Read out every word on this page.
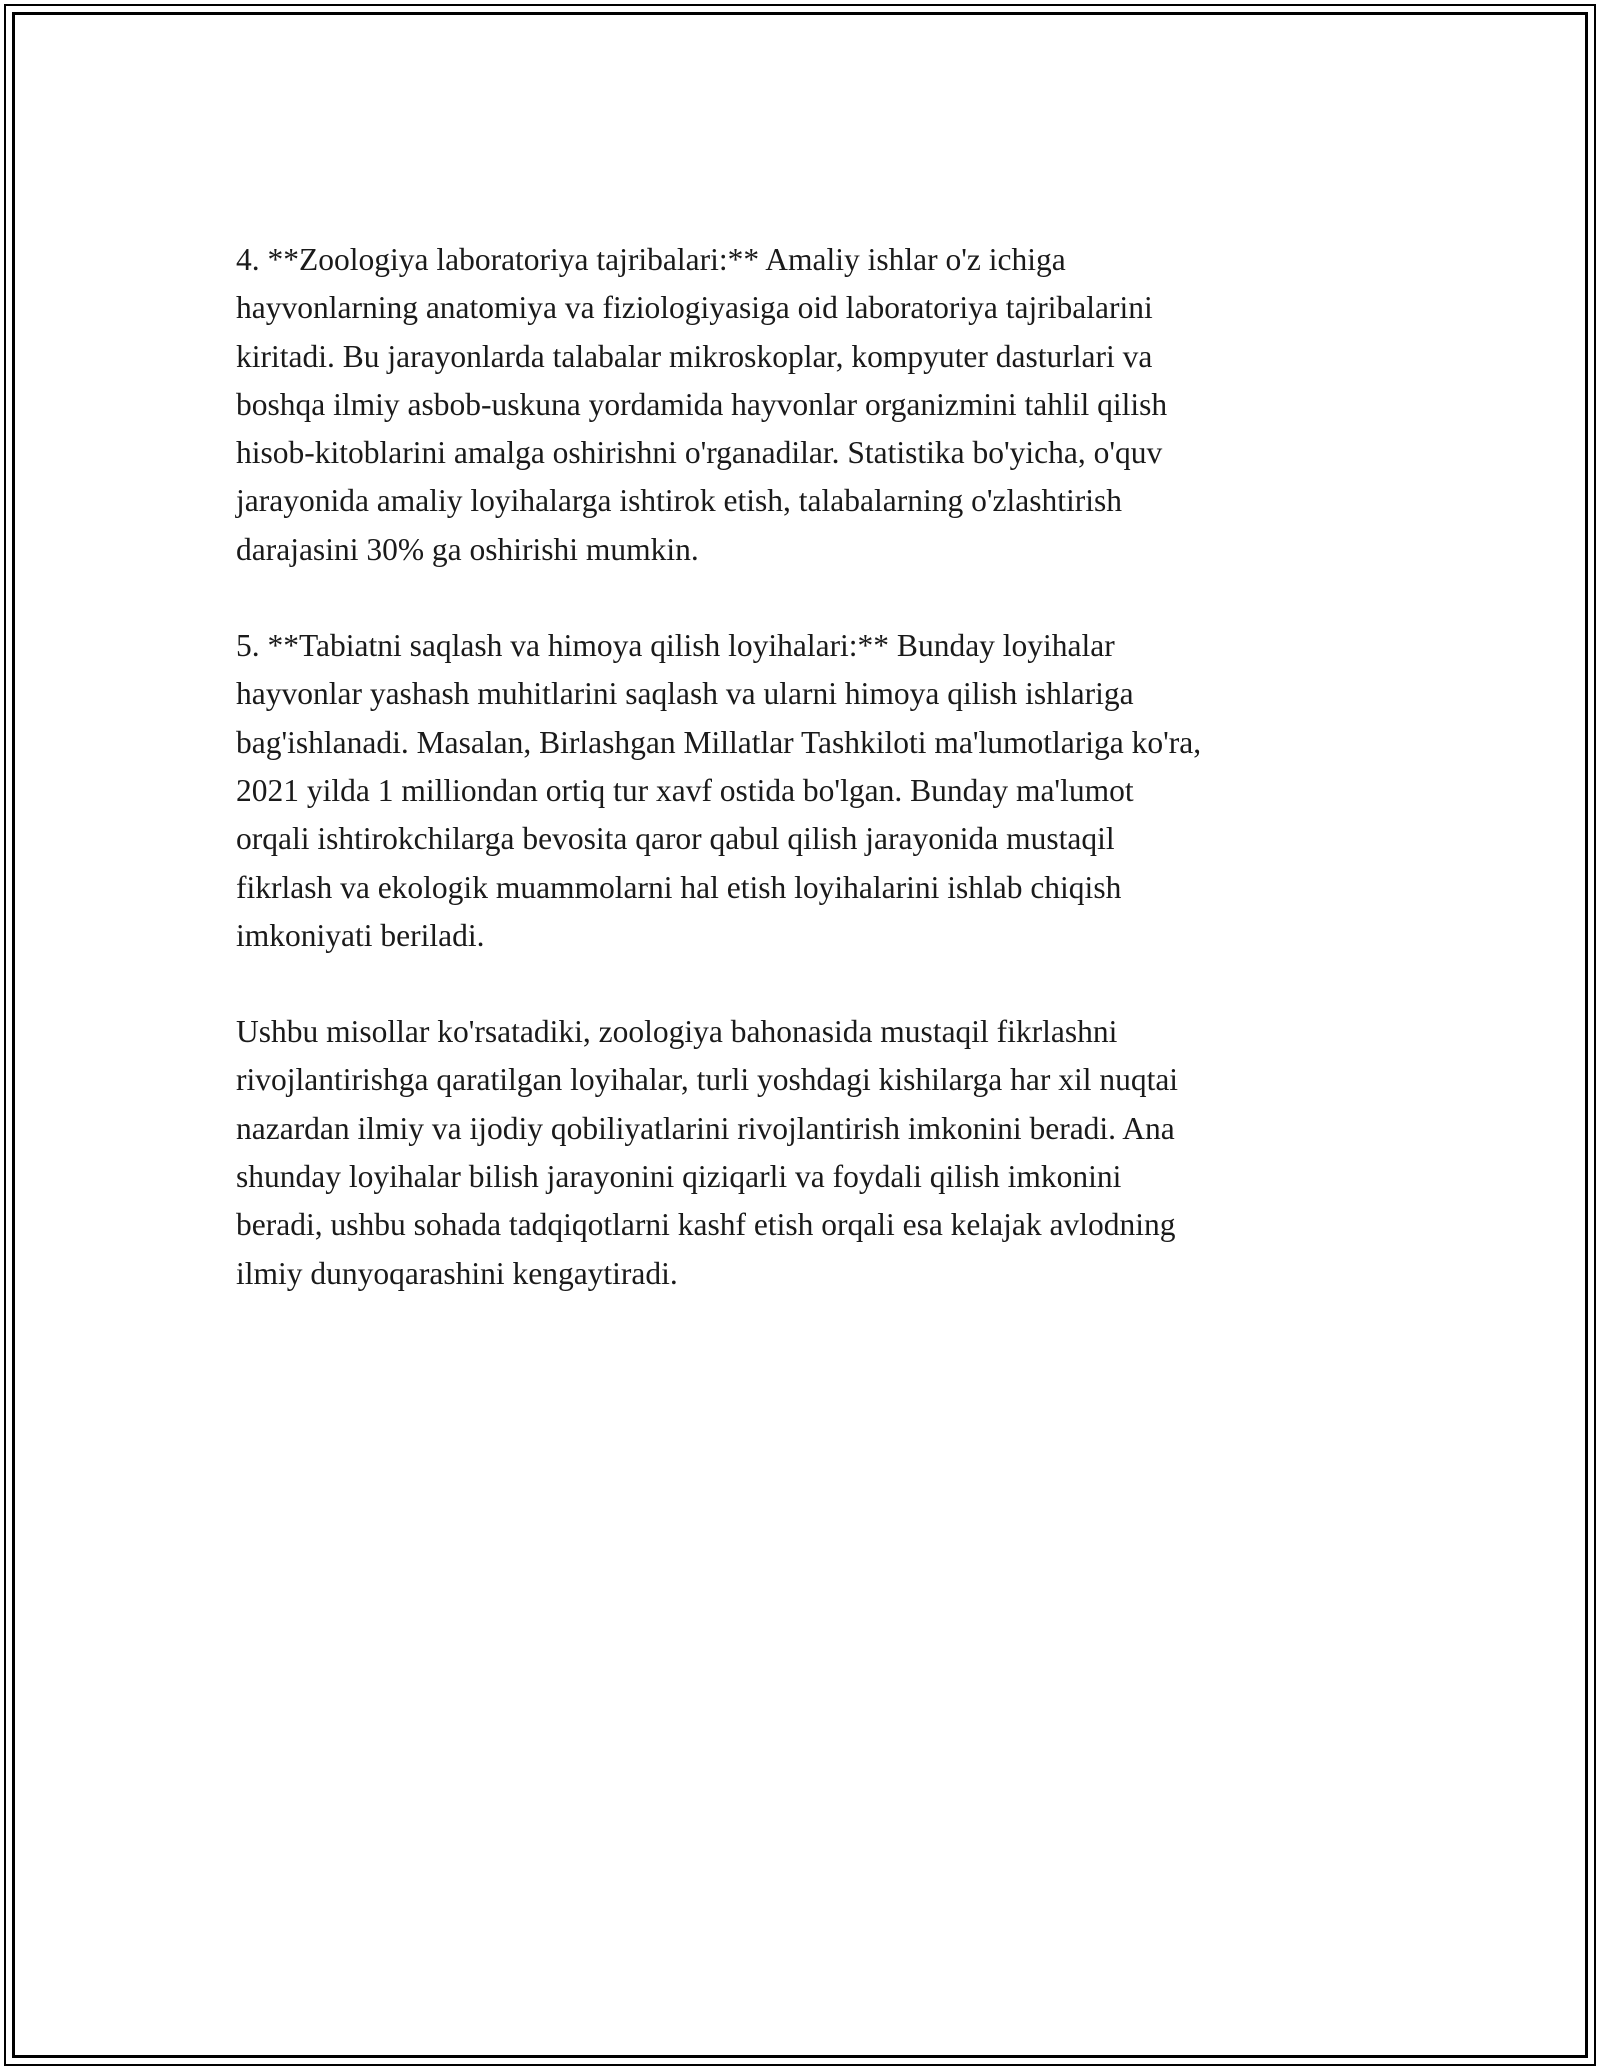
4. **Zoologiya laboratoriya tajribalari:** Amaliy ishlar o'z ichiga
hayvonlarning anatomiya va fiziologiyasiga oid laboratoriya tajribalarini
kiritadi. Bu jarayonlarda talabalar mikroskoplar, kompyuter dasturlari va
boshqa ilmiy asbob-uskuna yordamida hayvonlar organizmini tahlil qilish
hisob-kitoblarini amalga oshirishni o'rganadilar. Statistika bo'yicha, o'quv
jarayonida amaliy loyihalarga ishtirok etish, talabalarning o'zlashtirish
darajasini 30% ga oshirishi mumkin.

5. **Tabiatni saqlash va himoya qilish loyihalari:** Bunday loyihalar
hayvonlar yashash muhitlarini saqlash va ularni himoya qilish ishlariga
bag'ishlanadi. Masalan, Birlashgan Millatlar Tashkiloti ma'lumotlariga ko'ra,
2021 yilda 1 milliondan ortiq tur xavf ostida bo'lgan. Bunday ma'lumot
orqali ishtirokchilarga bevosita qaror qabul qilish jarayonida mustaqil
fikrlash va ekologik muammolarni hal etish loyihalarini ishlab chiqish
imkoniyati beriladi.

Ushbu misollar ko'rsatadiki, zoologiya bahonasida mustaqil fikrlashni
rivojlantirishga qaratilgan loyihalar, turli yoshdagi kishilarga har xil nuqtai
nazardan ilmiy va ijodiy qobiliyatlarini rivojlantirish imkonini beradi. Ana
shunday loyihalar bilish jarayonini qiziqarli va foydali qilish imkonini
beradi, ushbu sohada tadqiqotlarni kashf etish orqali esa kelajak avlodning
ilmiy dunyoqarashini kengaytiradi.
